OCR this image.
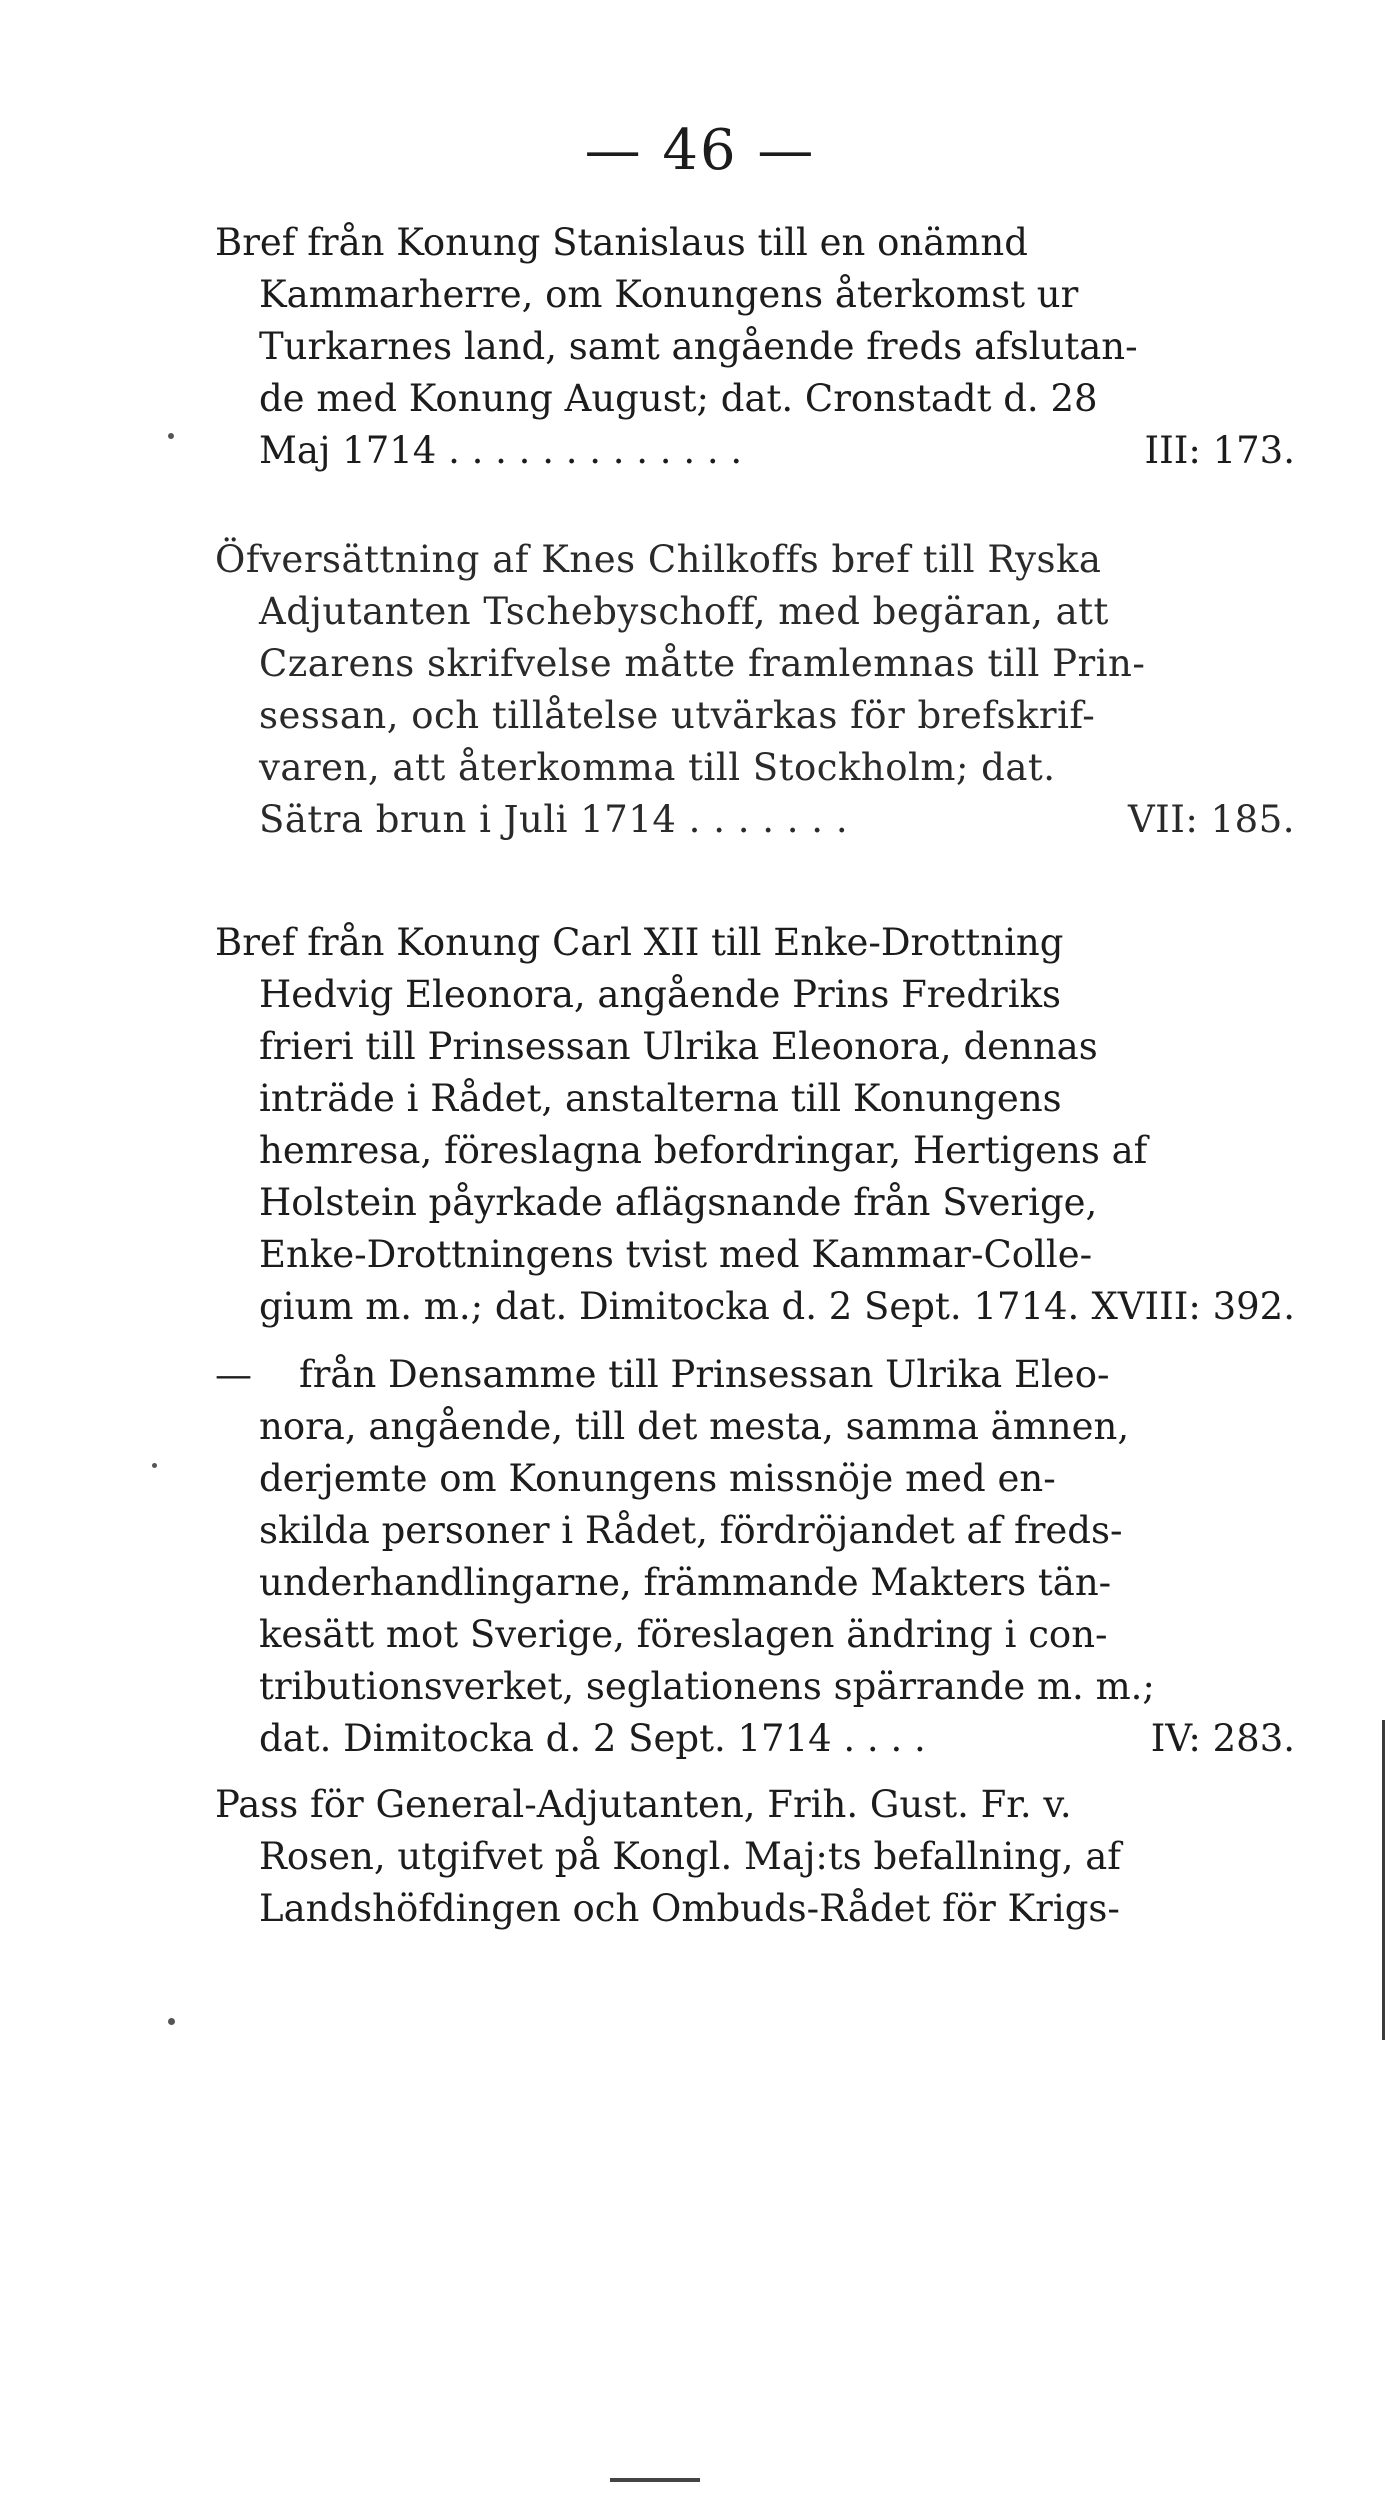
— 46 —
Bref från Konung Stanislaus till en onämnd
Kammarherre, om Konungens återkomst ur
Turkarnes land, samt angående freds afslutan-
de med Konung August; dat. Cronstadt d. 28
Maj 1714 . . . . . . . . . . . . .	III: 173.
Öfversättning af Knes Chilkoffs bref till Ryska
Adjutanten Tschebyschoff, med begäran, att
Czarens skrifvelse måtte framlemnas till Prin-
sessan, och tillåtelse utvärkas för brefskrif-
varen, att återkomma till Stockholm; dat.
Sätra brun i Juli 1714 . . . . . . .	VII: 185.
Bref från Konung Carl XII till Enke-Drottning
Hedvig Eleonora, angående Prins Fredriks
frieri till Prinsessan Ulrika Eleonora, dennas
inträde i Rådet, anstalterna till Konungens
hemresa, föreslagna befordringar, Hertigens af
Holstein påyrkade aflägsnande från Sverige,
Enke-Drottningens tvist med Kammar-Colle-
gium m. m.; dat. Dimitocka d. 2 Sept. 1714. XVIII: 392.
— från Densamme till Prinsessan Ulrika Eleo-
nora, angående, till det mesta, samma ämnen,
derjemte om Konungens missnöje med en-
skilda personer i Rådet, fördröjandet af freds-
underhandlingarne, främmande Makters tän-
kesätt mot Sverige, föreslagen ändring i con-
tributionsverket, seglationens spärrande m. m.;
dat. Dimitocka d. 2 Sept. 1714 . . . .	IV: 283.
Pass för General-Adjutanten, Frih. Gust. Fr. v.
Rosen, utgifvet på Kongl. Maj:ts befallning, af
Landshöfdingen och Ombuds-Rådet för Krigs-
